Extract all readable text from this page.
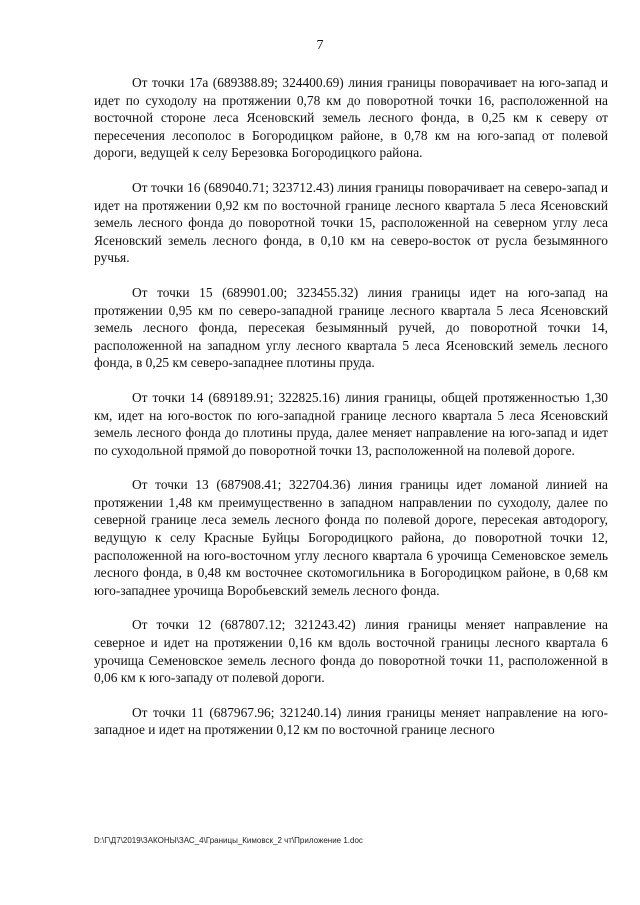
7

От точки 17а (689388.89; 324400.69) линия границы поворачивает на юго-запад и идет по суходолу на протяжении 0,78 км до поворотной точки 16, расположенной на восточной стороне леса Ясеновский земель лесного фонда, в 0,25 км к северу от пересечения лесополос в Богородицком районе, в 0,78 км на юго-запад от полевой дороги, ведущей к селу Березовка Богородицкого района.

От точки 16 (689040.71; 323712.43) линия границы поворачивает на северо-запад и идет на протяжении 0,92 км по восточной границе лесного квартала 5 леса Ясеновский земель лесного фонда до поворотной точки 15, расположенной на северном углу леса Ясеновский земель лесного фонда, в 0,10 км на северо-восток от русла безымянного ручья.

От точки 15 (689901.00; 323455.32) линия границы идет на юго-запад на протяжении 0,95 км по северо-западной границе лесного квартала 5 леса Ясеновский земель лесного фонда, пересекая безымянный ручей, до поворотной точки 14, расположенной на западном углу лесного квартала 5 леса Ясеновский земель лесного фонда, в 0,25 км северо-западнее плотины пруда.

От точки 14 (689189.91; 322825.16) линия границы, общей протяженностью 1,30 км, идет на юго-восток по юго-западной границе лесного квартала 5 леса Ясеновский земель лесного фонда до плотины пруда, далее меняет направление на юго-запад и идет по суходольной прямой до поворотной точки 13, расположенной на полевой дороге.

От точки 13 (687908.41; 322704.36) линия границы идет ломаной линией на протяжении 1,48 км преимущественно в западном направлении по суходолу, далее по северной границе леса земель лесного фонда по полевой дороге, пересекая автодорогу, ведущую к селу Красные Буйцы Богородицкого района, до поворотной точки 12, расположенной на юго-восточном углу лесного квартала 6 урочища Семеновское земель лесного фонда, в 0,48 км восточнее скотомогильника в Богородицком районе, в 0,68 км юго-западнее урочища Воробьевский земель лесного фонда.

От точки 12 (687807.12; 321243.42) линия границы меняет направление на северное и идет на протяжении 0,16 км вдоль восточной границы лесного квартала 6 урочища Семеновское земель лесного фонда до поворотной точки 11, расположенной в 0,06 км к юго-западу от полевой дороги.

От точки 11 (687967.96; 321240.14) линия границы меняет направление на юго-западное и идет на протяжении 0,12 км по восточной границе лесного

D:\Г\Д7\2019\ЗАКОНЫ\ЗАС_4\Границы_Кимовск_2 чт\Приложение 1.doc
